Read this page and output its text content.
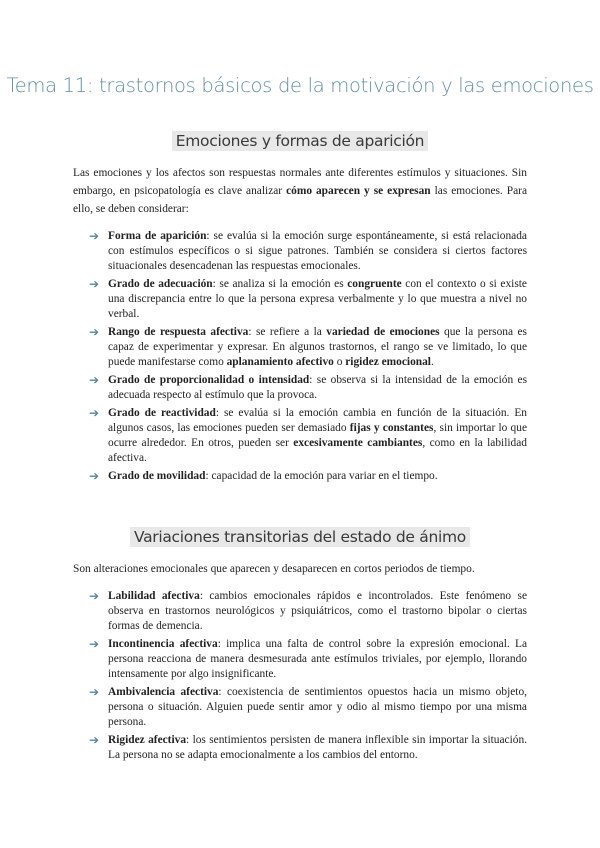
Tema 11: trastornos básicos de la motivación y las emociones
Emociones y formas de aparición

Las emociones y los afectos son respuestas normales ante diferentes estímulos y situaciones. Sin embargo, en psicopatología es clave analizar cómo aparecen y se expresan las emociones. Para ello, se deben considerar:

➔ Forma de aparición: se evalúa si la emoción surge espontáneamente, si está relacionada con estímulos específicos o si sigue patrones. También se considera si ciertos factores situacionales desencadenan las respuestas emocionales.
➔ Grado de adecuación: se analiza si la emoción es congruente con el contexto o si existe una discrepancia entre lo que la persona expresa verbalmente y lo que muestra a nivel no verbal.
➔ Rango de respuesta afectiva: se refiere a la variedad de emociones que la persona es capaz de experimentar y expresar. En algunos trastornos, el rango se ve limitado, lo que puede manifestarse como aplanamiento afectivo o rigidez emocional.
➔ Grado de proporcionalidad o intensidad: se observa si la intensidad de la emoción es adecuada respecto al estímulo que la provoca.
➔ Grado de reactividad: se evalúa si la emoción cambia en función de la situación. En algunos casos, las emociones pueden ser demasiado fijas y constantes, sin importar lo que ocurre alrededor. En otros, pueden ser excesivamente cambiantes, como en la labilidad afectiva.
➔ Grado de movilidad: capacidad de la emoción para variar en el tiempo.
Variaciones transitorias del estado de ánimo

Son alteraciones emocionales que aparecen y desaparecen en cortos periodos de tiempo.

➔ Labilidad afectiva: cambios emocionales rápidos e incontrolados. Este fenómeno se observa en trastornos neurológicos y psiquiátricos, como el trastorno bipolar o ciertas formas de demencia.
➔ Incontinencia afectiva: implica una falta de control sobre la expresión emocional. La persona reacciona de manera desmesurada ante estímulos triviales, por ejemplo, llorando intensamente por algo insignificante.
➔ Ambivalencia afectiva: coexistencia de sentimientos opuestos hacia un mismo objeto, persona o situación. Alguien puede sentir amor y odio al mismo tiempo por una misma persona.
➔ Rigidez afectiva: los sentimientos persisten de manera inflexible sin importar la situación. La persona no se adapta emocionalmente a los cambios del entorno.
